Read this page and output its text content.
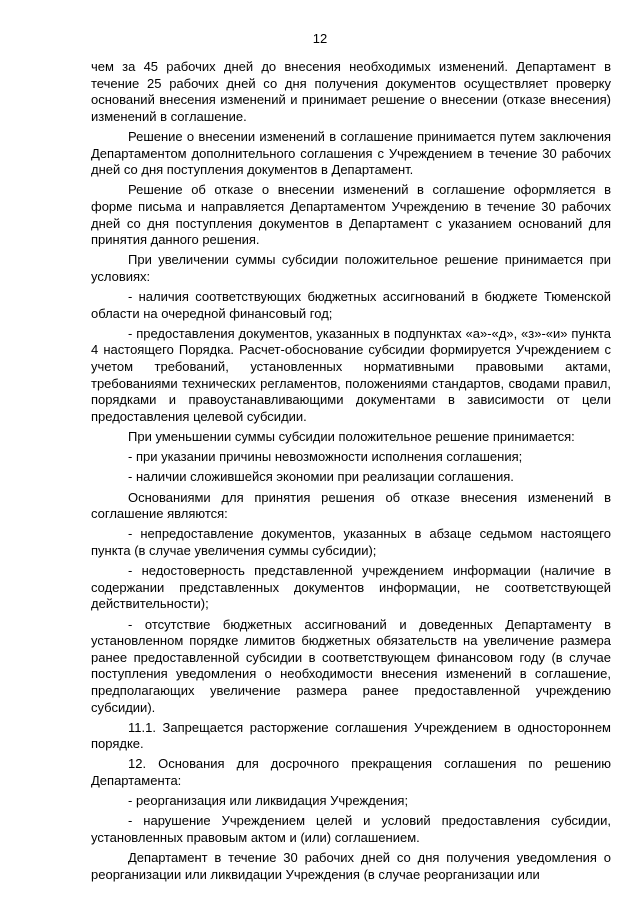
12

чем за 45 рабочих дней до внесения необходимых изменений. Департамент в течение 25 рабочих дней со дня получения документов осуществляет проверку оснований внесения изменений и принимает решение о внесении (отказе внесения) изменений в соглашение.

Решение о внесении изменений в соглашение принимается путем заключения Департаментом дополнительного соглашения с Учреждением в течение 30 рабочих дней со дня поступления документов в Департамент.

Решение об отказе о внесении изменений в соглашение оформляется в форме письма и направляется Департаментом Учреждению в течение 30 рабочих дней со дня поступления документов в Департамент с указанием оснований для принятия данного решения.

При увеличении суммы субсидии положительное решение принимается при условиях:

- наличия соответствующих бюджетных ассигнований в бюджете Тюменской области на очередной финансовый год;

- предоставления документов, указанных в подпунктах «а»-«д», «з»-«и» пункта 4 настоящего Порядка. Расчет-обоснование субсидии формируется Учреждением с учетом требований, установленных нормативными правовыми актами, требованиями технических регламентов, положениями стандартов, сводами правил, порядками и правоустанавливающими документами в зависимости от цели предоставления целевой субсидии.

При уменьшении суммы субсидии положительное решение принимается:

- при указании причины невозможности исполнения соглашения;

- наличии сложившейся экономии при реализации соглашения.

Основаниями для принятия решения об отказе внесения изменений в соглашение являются:

- непредоставление документов, указанных в абзаце седьмом настоящего пункта (в случае увеличения суммы субсидии);

- недостоверность представленной учреждением информации (наличие в содержании представленных документов информации, не соответствующей действительности);

- отсутствие бюджетных ассигнований и доведенных Департаменту в установленном порядке лимитов бюджетных обязательств на увеличение размера ранее предоставленной субсидии в соответствующем финансовом году (в случае поступления уведомления о необходимости внесения изменений в соглашение, предполагающих увеличение размера ранее предоставленной учреждению субсидии).

11.1. Запрещается расторжение соглашения Учреждением в одностороннем порядке.

12. Основания для досрочного прекращения соглашения по решению Департамента:

- реорганизация или ликвидация Учреждения;

- нарушение Учреждением целей и условий предоставления субсидии, установленных правовым актом и (или) соглашением.

Департамент в течение 30 рабочих дней со дня получения уведомления о реорганизации или ликвидации Учреждения (в случае реорганизации или
